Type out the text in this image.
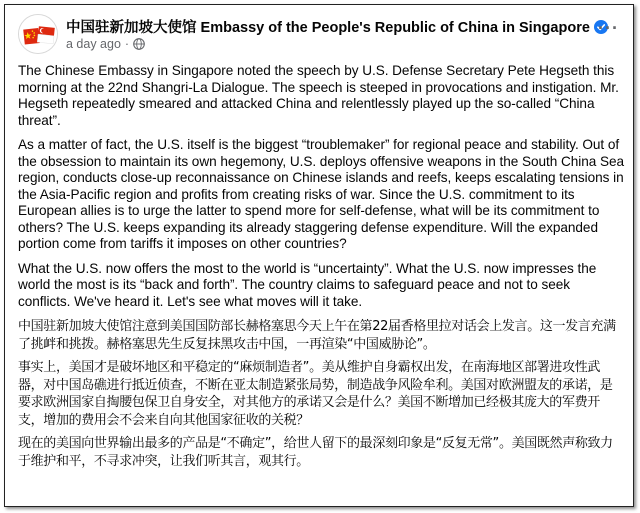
中国驻新加坡大使馆 Embassy of the People's Republic of China in Singapore
a day ago ·
···

The Chinese Embassy in Singapore noted the speech by U.S. Defense Secretary Pete Hegseth this morning at the 22nd Shangri-La Dialogue. The speech is steeped in provocations and instigation. Mr. Hegseth repeatedly smeared and attacked China and relentlessly played up the so-called “China threat”.

As a matter of fact, the U.S. itself is the biggest “troublemaker” for regional peace and stability. Out of the obsession to maintain its own hegemony, U.S. deploys offensive weapons in the South China Sea region, conducts close-up reconnaissance on Chinese islands and reefs, keeps escalating tensions in the Asia-Pacific region and profits from creating risks of war. Since the U.S. commitment to its European allies is to urge the latter to spend more for self-defense, what will be its commitment to others? The U.S. keeps expanding its already staggering defense expenditure. Will the expanded portion come from tariffs it imposes on other countries?

What the U.S. now offers the most to the world is “uncertainty”. What the U.S. now impresses the world the most is its “back and forth”. The country claims to safeguard peace and not to seek conflicts. We've heard it. Let's see what moves will it take.

中国驻新加坡大使馆注意到美国国防部长赫格塞思今天上午在第22届香格里拉对话会上发言。这一发言充满了挑衅和挑拨。赫格塞思先生反复抹黑攻击中国，一再渲染“中国威胁论”。

事实上，美国才是破坏地区和平稳定的“麻烦制造者”。美从维护自身霸权出发，在南海地区部署进攻性武器，对中国岛礁进行抵近侦查，不断在亚太制造紧张局势，制造战争风险牟利。美国对欧洲盟友的承诺，是要求欧洲国家自掏腰包保卫自身安全，对其他方的承诺又会是什么？美国不断增加已经极其庞大的军费开支，增加的费用会不会来自向其他国家征收的关税？

现在的美国向世界输出最多的产品是“不确定”，给世人留下的最深刻印象是“反复无常”。美国既然声称致力于维护和平，不寻求冲突，让我们听其言，观其行。
